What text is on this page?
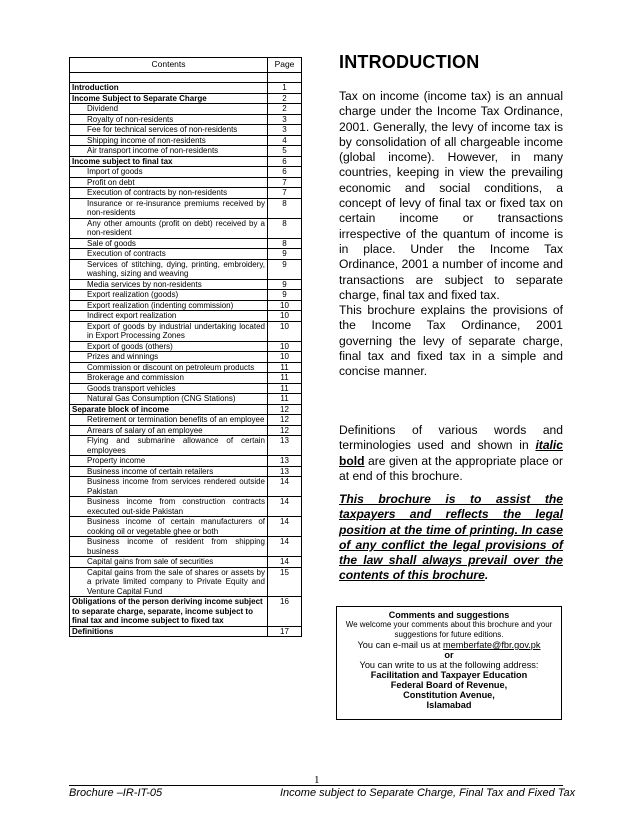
Contents	Page

Introduction	1
Income Subject to Separate Charge	2
Dividend	2
Royalty of non-residents	3
Fee for technical services of non-residents	3
Shipping income of non-residents	4
Air transport income of non-residents	5
Income subject to final tax	6
Import of goods	6
Profit on debt	7
Execution of contracts by non-residents	7
Insurance or re-insurance premiums received by non-residents	8
Any other amounts (profit on debt) received by a non-resident	8
Sale of goods	8
Execution of contracts	9
Services of stitching, dying, printing, embroidery, washing, sizing and weaving	9
Media services by non-residents	9
Export realization (goods)	9
Export realization (indenting commission)	10
Indirect export realization	10
Export of goods by industrial undertaking located in Export Processing Zones	10
Export of goods (others)	10
Prizes and winnings	10
Commission or discount on petroleum products	11
Brokerage and commission	11
Goods transport vehicles	11
Natural Gas Consumption (CNG Stations)	11
Separate block of income	12
Retirement or termination benefits of an employee	12
Arrears of salary of an employee	12
Flying and submarine allowance of certain employees	13
Property income	13
Business income of certain retailers	13
Business income from services rendered outside Pakistan	14
Business income from construction contracts executed out-side Pakistan	14
Business income of certain manufacturers of cooking oil or vegetable ghee or both	14
Business income of resident from shipping business	14
Capital gains from sale of securities	14
Capital gains from the sale of shares or assets by a private limited company to Private Equity and Venture Capital Fund	15
Obligations of the person deriving income subject to separate charge, separate, income subject to final tax and income subject to fixed tax	16
Definitions	17
INTRODUCTION

Tax on income (income tax) is an annual charge under the Income Tax Ordinance, 2001. Generally, the levy of income tax is by consolidation of all chargeable income (global income). However, in many countries, keeping in view the prevailing economic and social conditions, a concept of levy of final tax or fixed tax on certain income or transactions irrespective of the quantum of income is in place. Under the Income Tax Ordinance, 2001 a number of income and transactions are subject to separate charge, final tax and fixed tax.

This brochure explains the provisions of the Income Tax Ordinance, 2001 governing the levy of separate charge, final tax and fixed tax in a simple and concise manner.

Definitions of various words and terminologies used and shown in italic bold are given at the appropriate place or at end of this brochure.

This brochure is to assist the taxpayers and reflects the legal position at the time of printing. In case of any conflict the legal provisions of the law shall always prevail over the contents of this brochure.

Comments and suggestions
We welcome your comments about this brochure and your suggestions for future editions.
You can e-mail us at memberfate@fbr.gov.pk
or
You can write to us at the following address:
Facilitation and Taxpayer Education
Federal Board of Revenue,
Constitution Avenue,
Islamabad
1
Brochure –IR-IT-05	Income subject to Separate Charge, Final Tax and Fixed Tax
